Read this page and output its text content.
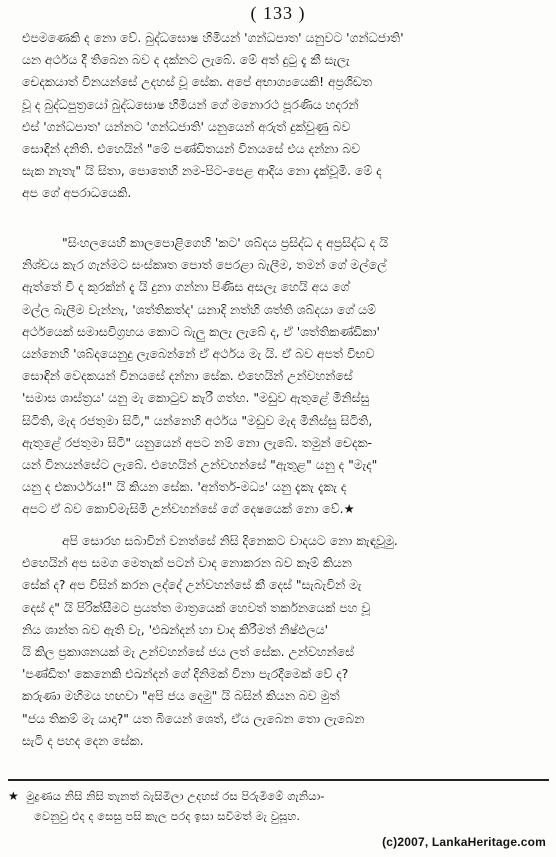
( 133 )
එපමණෙකි ද නො වේ. බුද්ධඝොෂ හිමියන් 'ගන්ධපාත' යනුවට 'ගන්ධජාති'
යන අර්ථය දී තිබෙන බව ද දක්නට ලැබේ. මේ අත් දුටු දැ කී සැලැ
චෙදකයාත් විනයන්සේ උදහස් වූ සේක. අපේ අභාග්‍යයෙකි! අප්‍රශිඩත
වූ ද බුද්ධපුත්‍රයෝ බුද්ධඝොෂ හිමියන් ගේ මනොරථ පූරණිය හදරන්
එස් 'ගන්ධපාත' යන්නට 'ගන්ධජාති' යනුයෙන් අරුත් දුක්වුණු බව
සොඳින් දනිති. එහෙයින් "මේ පණ්ඩිතයන් විනයසේ එය දන්නා බව
සැක නැතැ" යි සිතා, පොතෙහි නම-පිට-පෙළ ආදිය නො දැක්වූමි. මේ ද
අප ගේ අපරාධයෙකි.
"සිංහලයෙහි කාලපොළිගෙහි 'කට' ශබ්දය ප්‍රසිද්ධ ද අප්‍රසිද්ධ ද යි
නිශ්චය කැර ගැන්මට සංස්කෘත පොත් පෙරළා බැලීම, තමන් ගේ මල්ලේ
ඇත්තේ වී ද කුරක්න් දැ යි දුනා ගන්නා පිණිස අසලැ හෙයි අය ගේ
මල්ල බැලීම වැන්නැ, 'ශත්තිකත්ද' යනාදි නත්හි ශත්ති ශබ්දයා ගේ යම්
අර්ථයෙක් සමාසවිග්‍රහය කොට බැලු කලැ ලැබේ ද, ඒ 'ශත්තිකණ්ඩිකා'
යන්නෙහි 'ශබ්දයෙනුදු ලැබෙන්නේ ඒ අර්ථය මැ යි. ඒ බව අපත් විභව
සොඳින් වෙදකයන් විනයසේ දන්නා සේක. එහෙයින් උන්වහන්සේ
'සමාස ශාස්ත්‍රය' යනු මැ කොටුව කැරී ගත්හ. "මඩුව ඇතුළේ මිනිස්සු
සිටිති, මැද රජතුමා සිටී," යන්නෙහි අර්ථය "මඩුව මැද මිනිස්සු සිටිති,
ඇතුළේ රජතුමා සිටී" යනුයෙන් අපට නම් නො ලැබේ. තමුන් චෙදක-
යන් විනයන්සේට ලැබේ. එහෙයින් උන්වහන්සේ "ඇතුළ" යනු ද "මැද"
යනු ද එකාර්ථය!" යි කියන සේක. 'අන්තර්-මධ්‍ය' යනු දැකැ දැකැ ද
අපට ඒ බව කොව්මැසිමි උන්වහන්සේ ගේ දෙෂයෙක් නො වේ.★
අපි සොරහ සබාවින් වනත්සේ නිසි දිනෙකට වාදයට නො කැඳවූමු.
එහෙයින් අප සමග මෙතැක් පටන් වාද නොකරන බව කෑම් කියන
සේක් ද? අප විසින් කරන ලද්දේ උන්වහන්සේ කී දෙස් "සැබැවින් මැ
දෙස් ද" යි පිරික්සීමට ප්‍රයත්ත මාත්‍රයෙක් හෙවත් තර්කනයෙක් පහ වූ
නිය ශාන්ත බව ඇති වැ, 'එඛන්දන් හා වාද කිරීමත් නිෂ්ඵලය'
යි කිල ප්‍රකාශනයක් මැ උන්වහන්සේ ජය ලත් සේක. උන්වහන්සේ
'පණ්ඩිත' කෙනෙකි එඛන්දන් ගේ දිනිමක් විනා පැරදීමෙක් වේ ද?
කරුණා මහිමය හඟවා "අපි ජය දෙමු" යි බසින් කියන බව මුත්
"ජය තිකම් මැ යාදා?" යත බියෙන් ශෙත්, ඒය ලැබෙන තො ලැබෙන
සැටි ද පහද දෙන සේක.
★ මුද්‍රණය නිසි නිසි තැනත් බැසිමිලා උදහස් රස පිරුමිමේ ගැනියා-
වෙනුවු එද ද සෙසු පසි කැල පරද ඉසා සවිමත් මැ වුසූහ.
(c)2007, LankaHeritage.com
